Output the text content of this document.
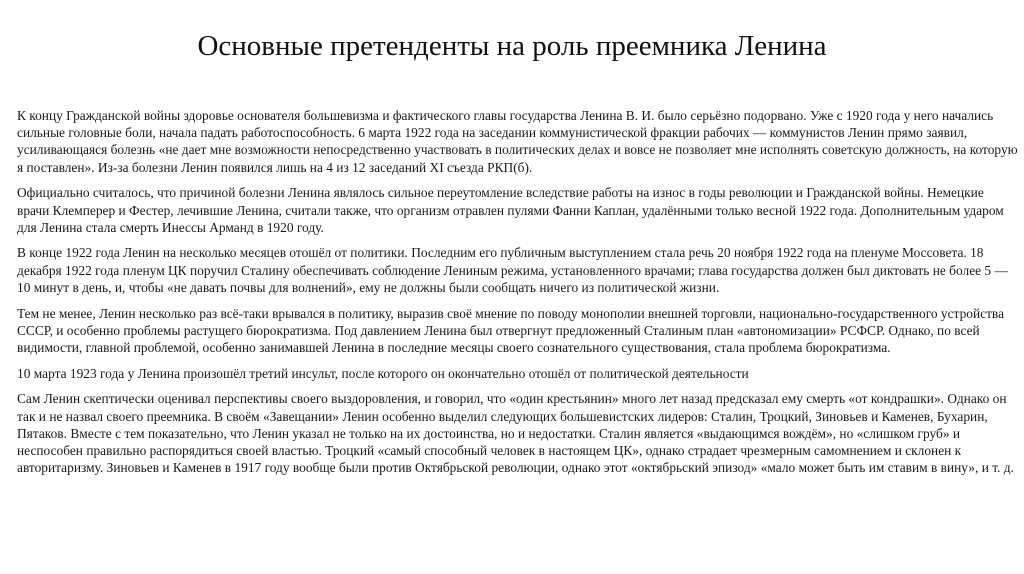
Основные претенденты на роль преемника Ленина

К концу Гражданской войны здоровье основателя большевизма и фактического главы государства Ленина В. И. было серьёзно подорвано. Уже с 1920 года у него начались сильные головные боли, начала падать работоспособность. 6 марта 1922 года на заседании коммунистической фракции рабочих — коммунистов Ленин прямо заявил, усиливающаяся болезнь «не дает мне возможности непосредственно участвовать в политических делах и вовсе не позволяет мне исполнять советскую должность, на которую я поставлен». Из-за болезни Ленин появился лишь на 4 из 12 заседаний XI съезда РКП(б).

Официально считалось, что причиной болезни Ленина являлось сильное переутомление вследствие работы на износ в годы революции и Гражданской войны. Немецкие врачи Клемперер и Фестер, лечившие Ленина, считали также, что организм отравлен пулями Фанни Каплан, удалёнными только весной 1922 года. Дополнительным ударом для Ленина стала смерть Инессы Арманд в 1920 году.

В конце 1922 года Ленин на несколько месяцев отошёл от политики. Последним его публичным выступлением стала речь 20 ноября 1922 года на пленуме Моссовета. 18 декабря 1922 года пленум ЦК поручил Сталину обеспечивать соблюдение Лениным режима, установленного врачами; глава государства должен был диктовать не более 5 — 10 минут в день, и, чтобы «не давать почвы для волнений», ему не должны были сообщать ничего из политической жизни.

Тем не менее, Ленин несколько раз всё-таки врывался в политику, выразив своё мнение по поводу монополии внешней торговли, национально-государственного устройства СССР, и особенно проблемы растущего бюрократизма. Под давлением Ленина был отвергнут предложенный Сталиным план «автономизации» РСФСР. Однако, по всей видимости, главной проблемой, особенно занимавшей Ленина в последние месяцы своего сознательного существования, стала проблема бюрократизма.

10 марта 1923 года у Ленина произошёл третий инсульт, после которого он окончательно отошёл от политической деятельности

Сам Ленин скептически оценивал перспективы своего выздоровления, и говорил, что «один крестьянин» много лет назад предсказал ему смерть «от кондрашки». Однако он так и не назвал своего преемника. В своём «Завещании» Ленин особенно выделил следующих большевистских лидеров: Сталин, Троцкий, Зиновьев и Каменев, Бухарин, Пятаков. Вместе с тем показательно, что Ленин указал не только на их достоинства, но и недостатки. Сталин является «выдающимся вождём», но «слишком груб» и неспособен правильно распорядиться своей властью. Троцкий «самый способный человек в настоящем ЦК», однако страдает чрезмерным самомнением и склонен к авторитаризму. Зиновьев и Каменев в 1917 году вообще были против Октябрьской революции, однако этот «октябрьский эпизод» «мало может быть им ставим в вину», и т. д.
